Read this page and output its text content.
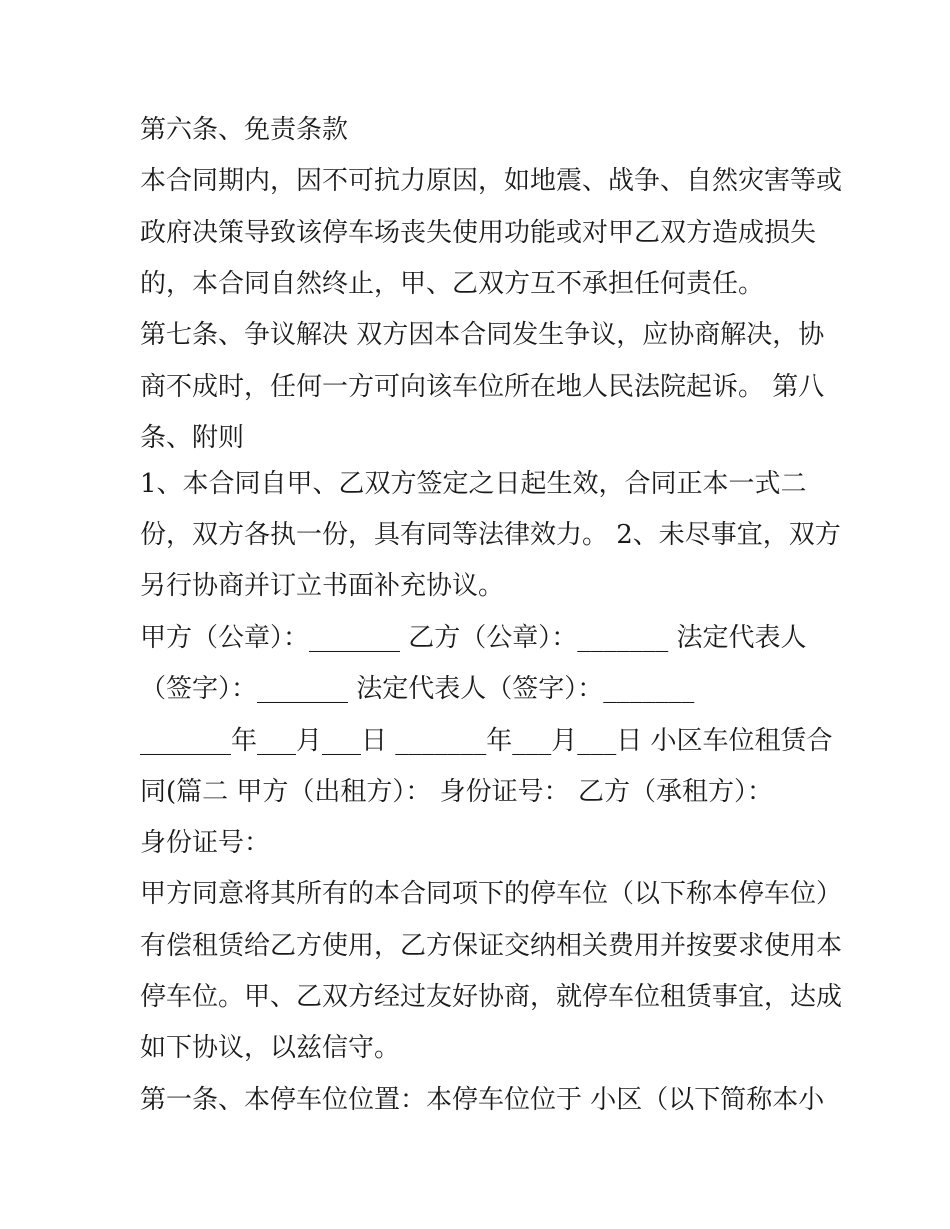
第六条、免责条款

本合同期内，因不可抗力原因，如地震、战争、自然灾害等或

政府决策导致该停车场丧失使用功能或对甲乙双方造成损失

的，本合同自然终止，甲、乙双方互不承担任何责任。

第七条、争议解决 双方因本合同发生争议，应协商解决，协

商不成时，任何一方可向该车位所在地人民法院起诉。 第八

条、附则

1、本合同自甲、乙双方签定之日起生效，合同正本一式二

份，双方各执一份，具有同等法律效力。 2、未尽事宜，双方

另行协商并订立书面补充协议。

甲方（公章）：_______ 乙方（公章）：_______ 法定代表人

（签字）：_______ 法定代表人（签字）：_______

_______年___月___日 _______年___月___日 小区车位租赁合

同(篇二 甲方（出租方）： 身份证号： 乙方（承租方）：

身份证号：

甲方同意将其所有的本合同项下的停车位（以下称本停车位）

有偿租赁给乙方使用，乙方保证交纳相关费用并按要求使用本

停车位。甲、乙双方经过友好协商，就停车位租赁事宜，达成

如下协议，以兹信守。

第一条、本停车位位置：本停车位位于 小区（以下简称本小
